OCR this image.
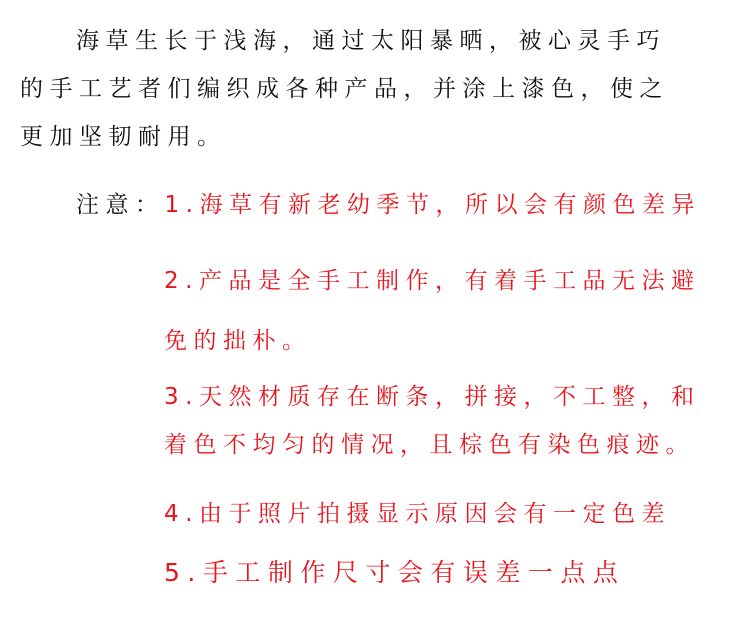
海草生长于浅海，通过太阳暴晒，被心灵手巧
的手工艺者们编织成各种产品，并涂上漆色，使之
更加坚韧耐用。
注意：1.海草有新老幼季节，所以会有颜色差异
2.产品是全手工制作，有着手工品无法避
免的拙朴。
3.天然材质存在断条，拼接，不工整，和
着色不均匀的情况，且棕色有染色痕迹。
4.由于照片拍摄显示原因会有一定色差
5.手工制作尺寸会有误差一点点
